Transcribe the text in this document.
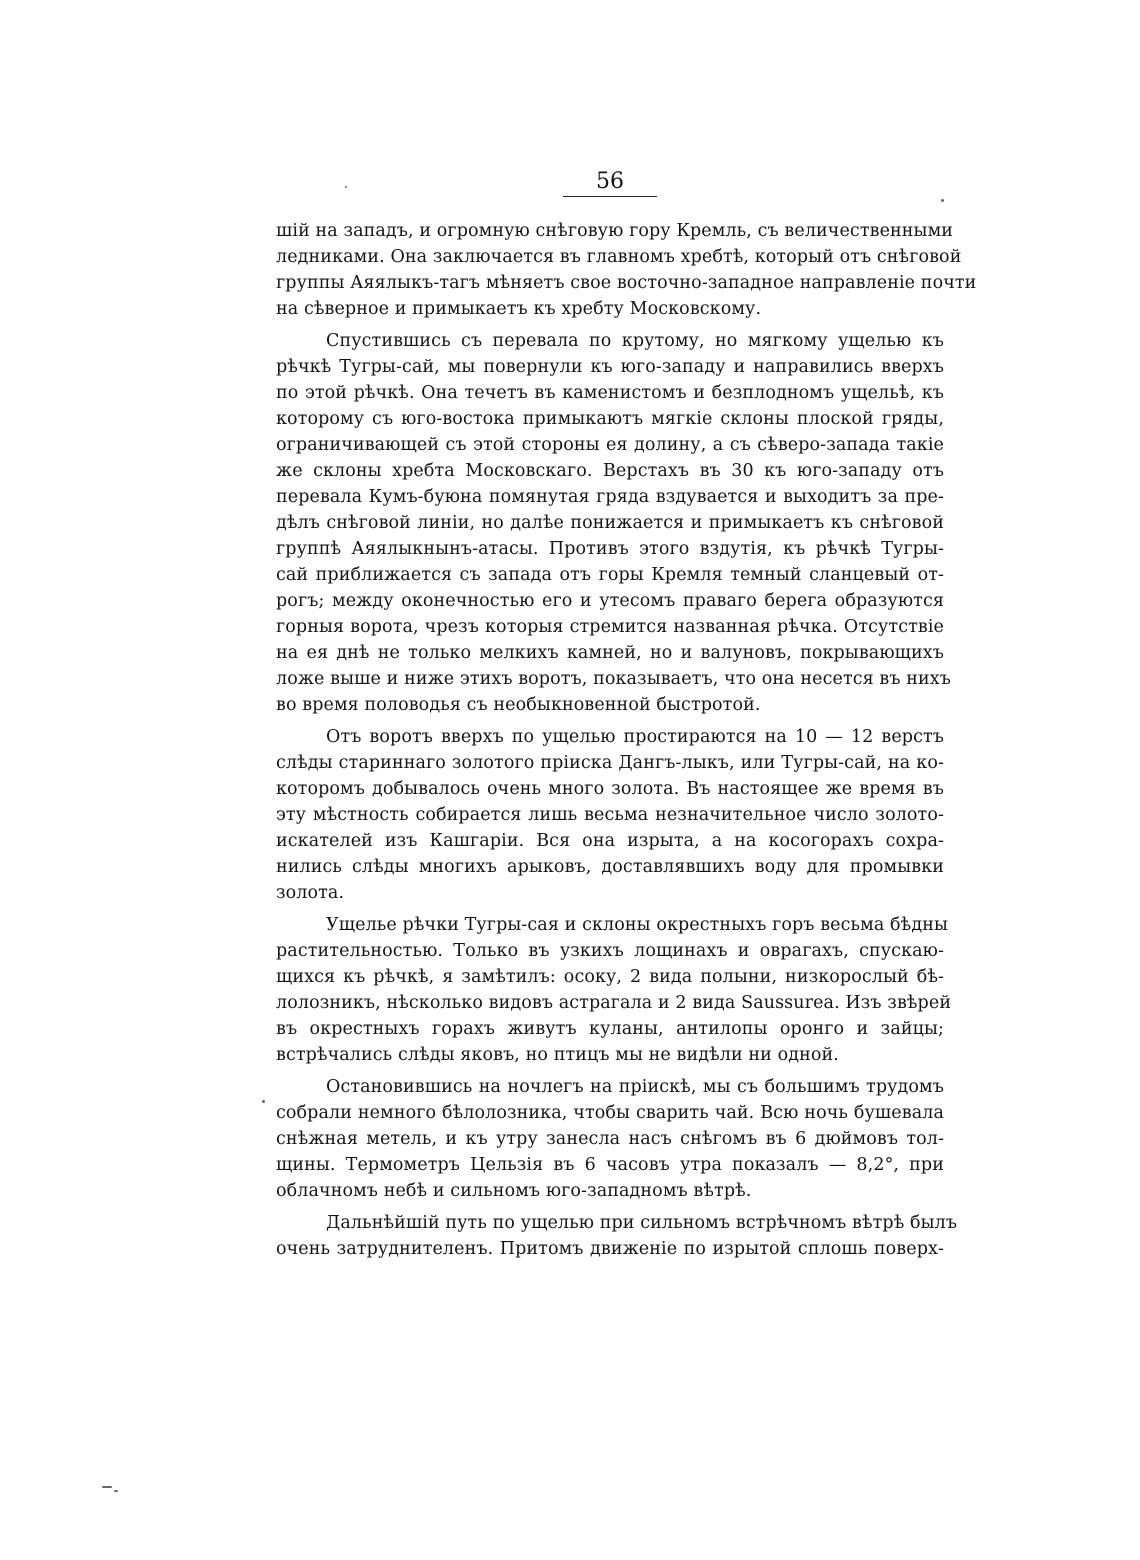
56
шій на западъ, и огромную снѣговую гору Кремль, съ величественными
ледниками. Она заключается въ главномъ хребтѣ, который отъ снѣговой
группы Аяялыкъ-тагъ мѣняетъ свое восточно-западное направленіе почти
на сѣверное и примыкаетъ къ хребту Московскому.
Спустившись съ перевала по крутому, но мягкому ущелью къ
рѣчкѣ Тугры-сай, мы повернули къ юго-западу и направились вверхъ
по этой рѣчкѣ. Она течетъ въ каменистомъ и безплодномъ ущельѣ, къ
которому съ юго-востока примыкаютъ мягкіе склоны плоской гряды,
ограничивающей съ этой стороны ея долину, а съ сѣверо-запада такіе
же склоны хребта Московскаго. Верстахъ въ 30 къ юго-западу отъ
перевала Кумъ-буюна помянутая гряда вздувается и выходитъ за пре-
дѣлъ снѣговой линіи, но далѣе понижается и примыкаетъ къ снѣговой
группѣ Аяялыкнынъ-атасы. Противъ этого вздутія, къ рѣчкѣ Тугры-
сай приближается съ запада отъ горы Кремля темный сланцевый от-
рогъ; между оконечностью его и утесомъ праваго берега образуются
горныя ворота, чрезъ которыя стремится названная рѣчка. Отсутствіе
на ея днѣ не только мелкихъ камней, но и валуновъ, покрывающихъ
ложе выше и ниже этихъ воротъ, показываетъ, что она несется въ нихъ
во время половодья съ необыкновенной быстротой.
Отъ воротъ вверхъ по ущелью простираются на 10 — 12 верстъ
слѣды стариннаго золотого пріиска Дангъ-лыкъ, или Тугры-сай, на ко-
которомъ добывалось очень много золота. Въ настоящее же время въ
эту мѣстность собирается лишь весьма незначительное число золото-
искателей изъ Кашгаріи. Вся она изрыта, а на косогорахъ сохра-
нились слѣды многихъ арыковъ, доставлявшихъ воду для промывки
золота.
Ущелье рѣчки Тугры-сая и склоны окрестныхъ горъ весьма бѣдны
растительностью. Только въ узкихъ лощинахъ и оврагахъ, спускаю-
щихся къ рѣчкѣ, я замѣтилъ: осоку, 2 вида полыни, низкорослый бѣ-
лолозникъ, нѣсколько видовъ астрагала и 2 вида Saussurea. Изъ звѣрей
въ окрестныхъ горахъ живутъ куланы, антилопы оронго и зайцы;
встрѣчались слѣды яковъ, но птицъ мы не видѣли ни одной.
Остановившись на ночлегъ на пріискѣ, мы съ большимъ трудомъ
собрали немного бѣлолозника, чтобы сварить чай. Всю ночь бушевала
снѣжная метель, и къ утру занесла насъ снѣгомъ въ 6 дюймовъ тол-
щины. Термометръ Цельзія въ 6 часовъ утра показалъ — 8,2°, при
облачномъ небѣ и сильномъ юго-западномъ вѣтрѣ.
Дальнѣйшій путь по ущелью при сильномъ встрѣчномъ вѣтрѣ былъ
очень затруднителенъ. Притомъ движеніе по изрытой сплошь поверх-
